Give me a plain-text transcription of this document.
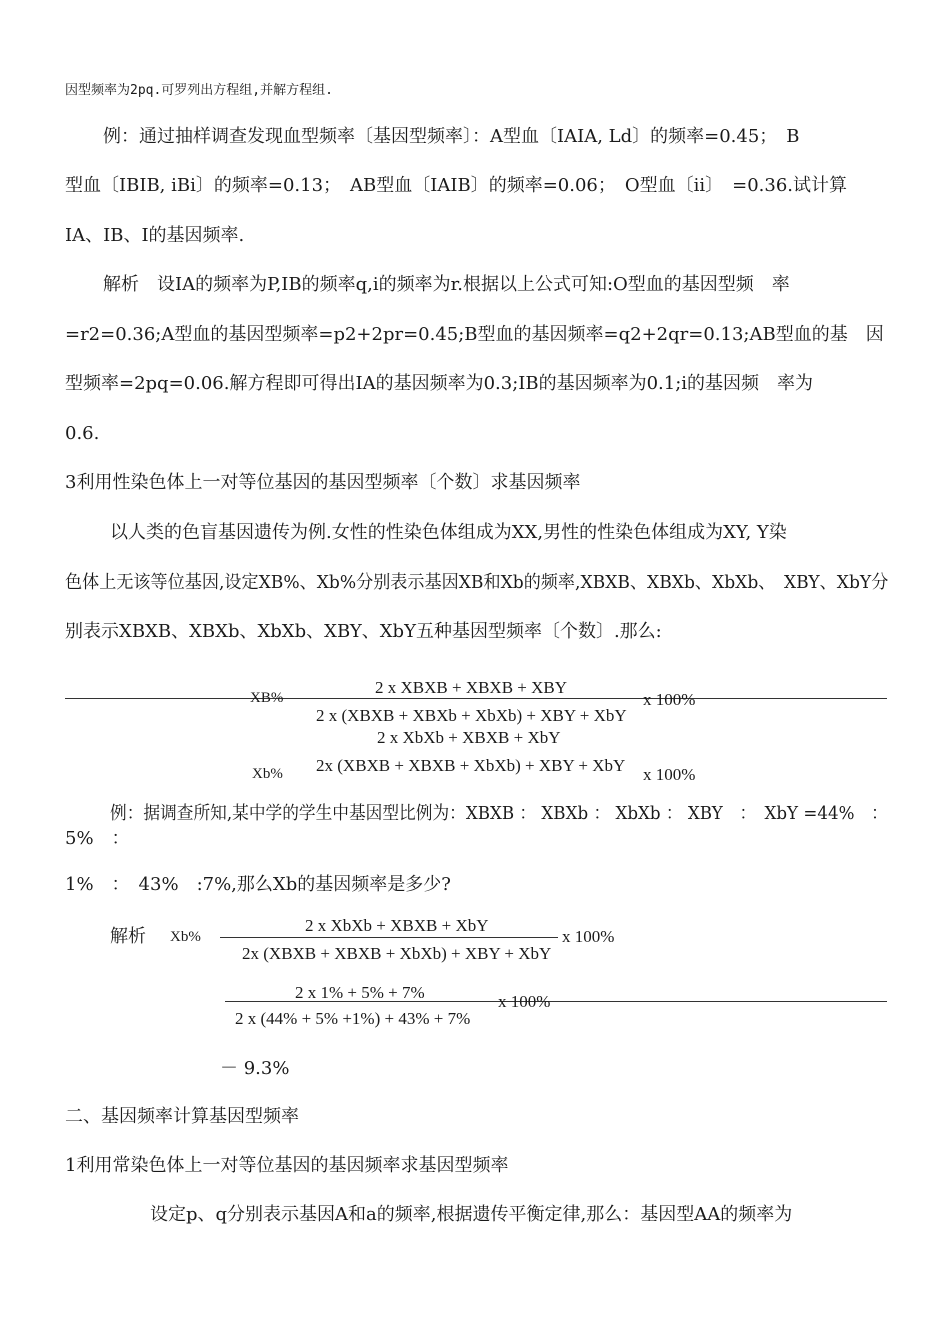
因型频率为2pq.可罗列出方程组,并解方程组.
例：通过抽样调查发现血型频率〔基因型频率〕：A型血〔IAIA, Ld〕的频率=0.45；　B
型血〔IBIB, iBi〕的频率=0.13；　AB型血〔IAIB〕的频率=0.06；　O型血〔ii〕　=0.36.试计算
IA、IB、I的基因频率.
解析　设IA的频率为P,IB的频率q,i的频率为r.根据以上公式可知:O型血的基因型频　率
=r2=0.36;A型血的基因型频率=p2+2pr=0.45;B型血的基因频率=q2+2qr=0.13;AB型血的基　因
型频率=2pq=0.06.解方程即可得出IA的基因频率为0.3;IB的基因频率为0.1;i的基因频　率为
0.6.
3利用性染色体上一对等位基因的基因型频率〔个数〕求基因频率
以人类的色盲基因遗传为例.女性的性染色体组成为XX,男性的性染色体组成为XY, Y染
色体上无该等位基因,设定XB%、Xb%分别表示基因XB和Xb的频率,XBXB、XBXb、XbXb、　XBY、XbY分
别表示XBXB、XBXb、XbXb、XBY、XbY五种基因型频率〔个数〕.那么:
2 x XBXB + XBXB + XBY
XB%	x 100%
2 x (XBXB + XBXb + XbXb) + XBY + XbY
2 x XbXb + XBXB + XbY
Xb% 2x (XBXB + XBXB + XbXb) + XBY + XbY x 100%
例：据调查所知,某中学的学生中基因型比例为：XBXB ： XBXb ： XbXb ： XBY　：　XbY =44%　：
5%　：
1%　：　43%　:7%,那么Xb的基因频率是多少?
解析 Xb%
2 x XbXb + XBXB + XbY
x 100%
2x (XBXB + XBXB + XbXb) + XBY + XbY
2 x 1% + 5% + 7%	x 100%
2 x (44% + 5% +1%) + 43% + 7%
－ 9.3%
二、基因频率计算基因型频率
1利用常染色体上一对等位基因的基因频率求基因型频率
设定p、q分别表示基因A和a的频率,根据遗传平衡定律,那么：基因型AA的频率为
